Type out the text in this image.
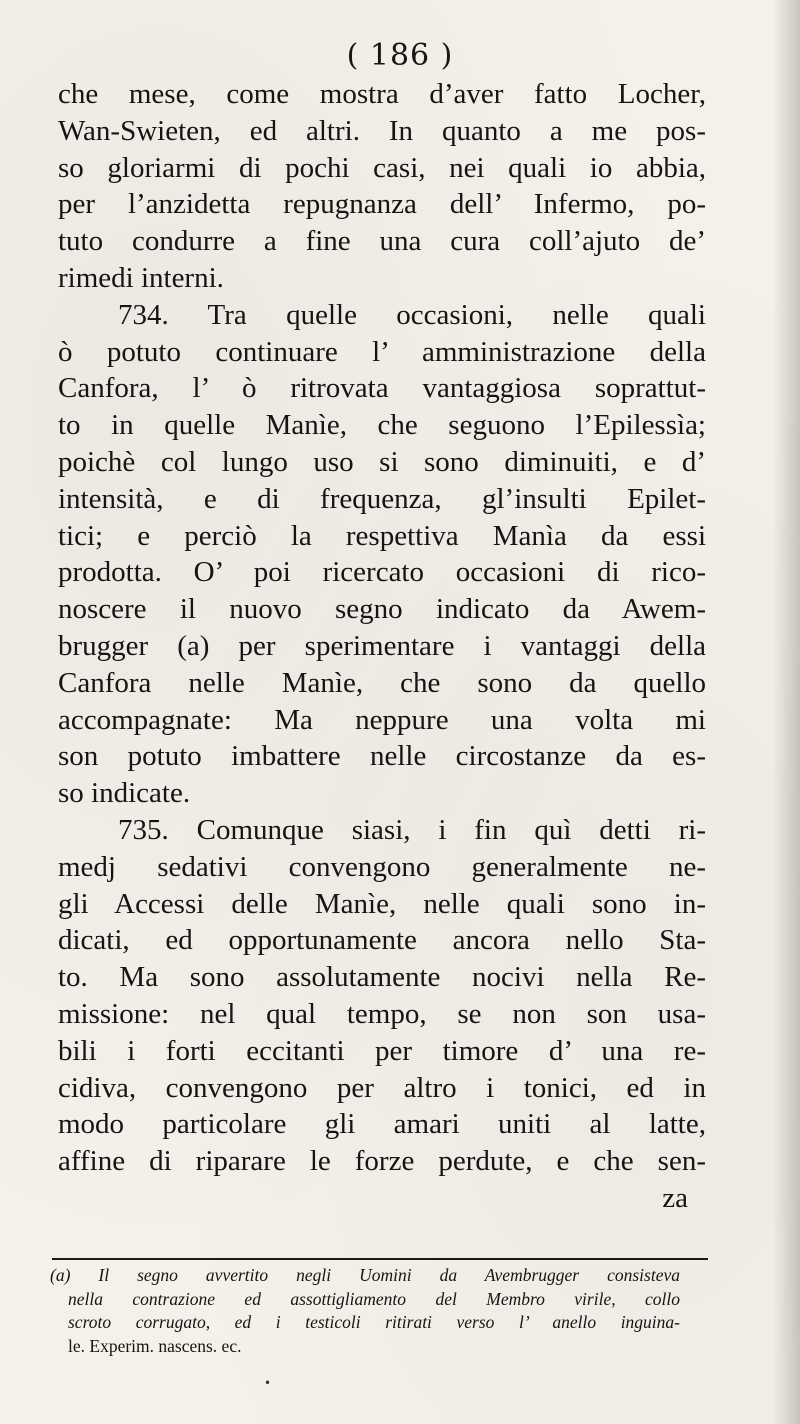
( 186 )
che mese, come mostra d’aver fatto Locher,
Wan-Swieten, ed altri. In quanto a me pos-
so gloriarmi di pochi casi, nei quali io abbia,
per l’anzidetta repugnanza dell’ Infermo, po-
tuto condurre a fine una cura coll’ajuto de’
rimedi interni.
734. Tra quelle occasioni, nelle quali
ò potuto continuare l’ amministrazione della
Canfora, l’ ò ritrovata vantaggiosa soprattut-
to in quelle Manìe, che seguono l’Epilessìa;
poichè col lungo uso si sono diminuiti, e d’
intensità, e di frequenza, gl’insulti Epilet-
tici; e perciò la respettiva Manìa da essi
prodotta. O’ poi ricercato occasioni di rico-
noscere il nuovo segno indicato da Awem-
brugger (a) per sperimentare i vantaggi della
Canfora nelle Manìe, che sono da quello
accompagnate: Ma neppure una volta mi
son potuto imbattere nelle circostanze da es-
so indicate.
735. Comunque siasi, i fin quì detti ri-
medj sedativi convengono generalmente ne-
gli Accessi delle Manìe, nelle quali sono in-
dicati, ed opportunamente ancora nello Sta-
to. Ma sono assolutamente nocivi nella Re-
missione: nel qual tempo, se non son usa-
bili i forti eccitanti per timore d’ una re-
cidiva, convengono per altro i tonici, ed in
modo particolare gli amari uniti al latte,
affine di riparare le forze perdute, e che sen-
za
(a) Il segno avvertito negli Uomini da Avembrugger consisteva
nella contrazione ed assottigliamento del Membro virile, collo
scroto corrugato, ed i testicoli ritirati verso l’ anello inguina-
le. Experim. nascens. ec.
•
